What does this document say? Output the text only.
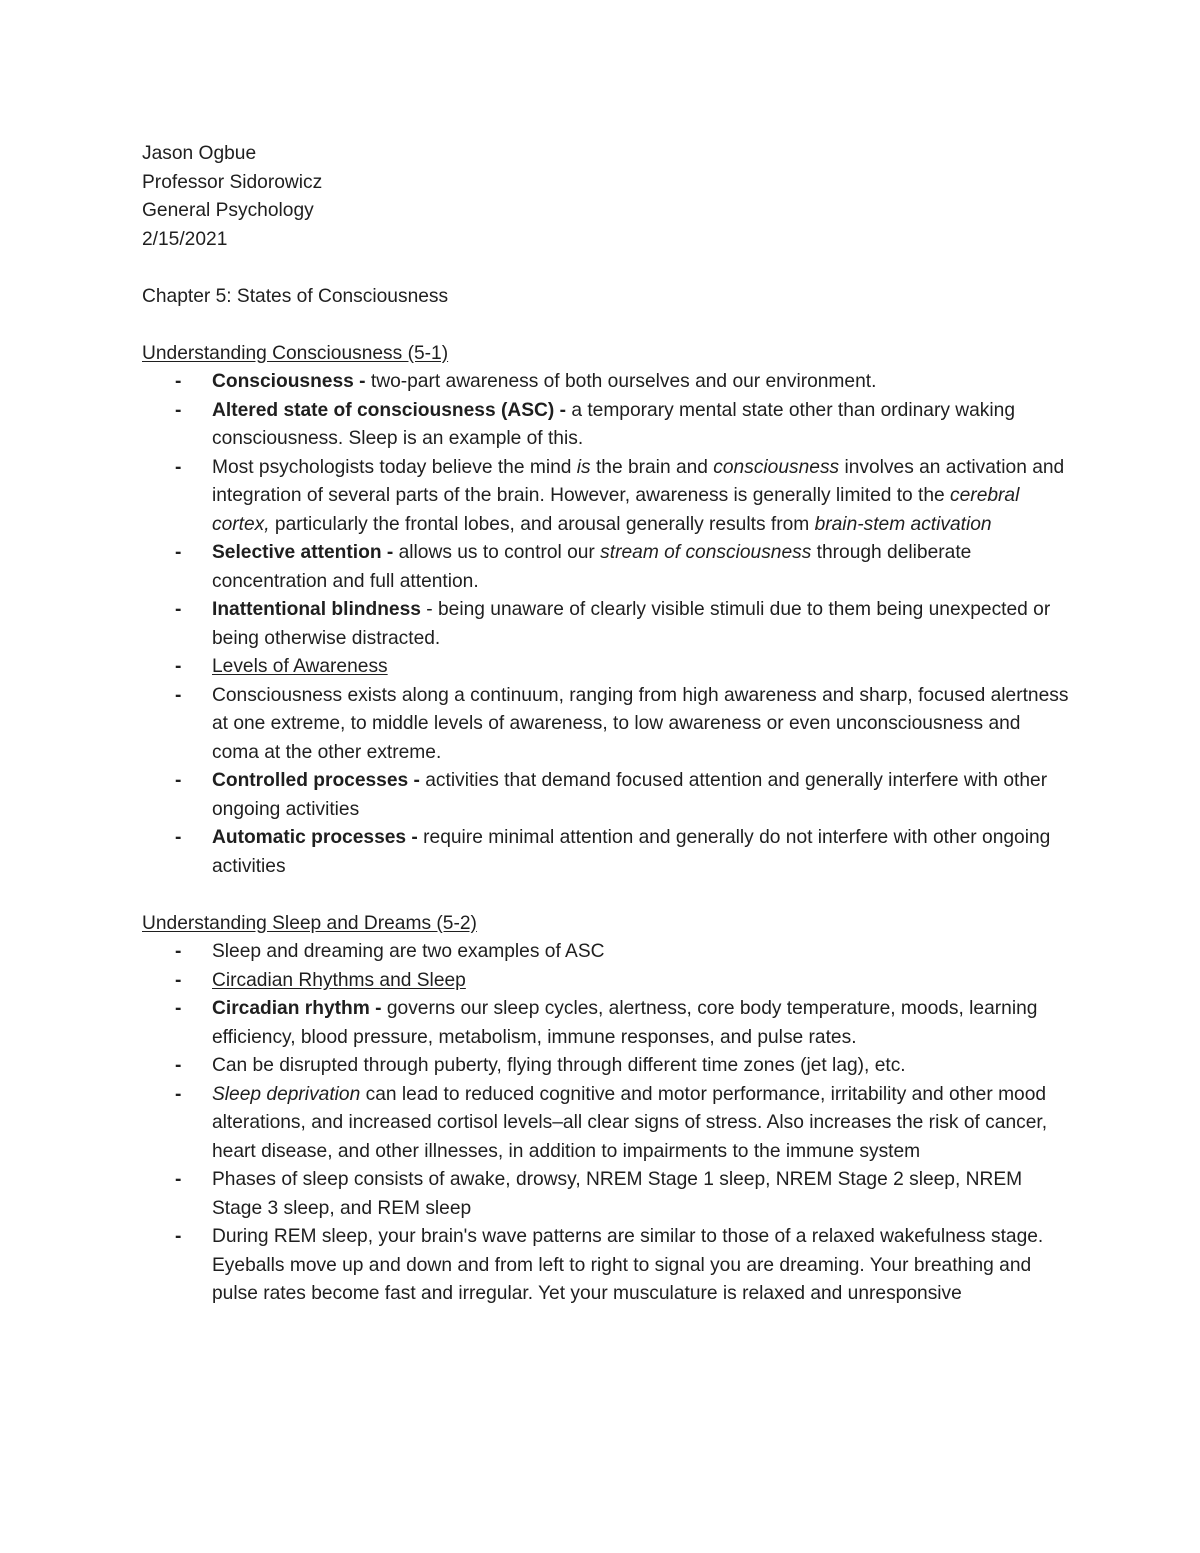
Jason Ogbue

Professor Sidorowicz

General Psychology

2/15/2021

Chapter 5: States of Consciousness

Understanding Consciousness (5-1)

- Consciousness - two-part awareness of both ourselves and our environment.
- Altered state of consciousness (ASC) - a temporary mental state other than ordinary waking consciousness. Sleep is an example of this.
- Most psychologists today believe the mind is the brain and consciousness involves an activation and integration of several parts of the brain. However, awareness is generally limited to the cerebral cortex, particularly the frontal lobes, and arousal generally results from brain-stem activation
- Selective attention - allows us to control our stream of consciousness through deliberate concentration and full attention.
- Inattentional blindness - being unaware of clearly visible stimuli due to them being unexpected or being otherwise distracted.
- Levels of Awareness
- Consciousness exists along a continuum, ranging from high awareness and sharp, focused alertness at one extreme, to middle levels of awareness, to low awareness or even unconsciousness and coma at the other extreme.
- Controlled processes - activities that demand focused attention and generally interfere with other ongoing activities
- Automatic processes - require minimal attention and generally do not interfere with other ongoing activities

Understanding Sleep and Dreams (5-2)

- Sleep and dreaming are two examples of ASC
- Circadian Rhythms and Sleep
- Circadian rhythm - governs our sleep cycles, alertness, core body temperature, moods, learning efficiency, blood pressure, metabolism, immune responses, and pulse rates.
- Can be disrupted through puberty, flying through different time zones (jet lag), etc.
- Sleep deprivation can lead to reduced cognitive and motor performance, irritability and other mood alterations, and increased cortisol levels–all clear signs of stress. Also increases the risk of cancer, heart disease, and other illnesses, in addition to impairments to the immune system
- Phases of sleep consists of awake, drowsy, NREM Stage 1 sleep, NREM Stage 2 sleep, NREM Stage 3 sleep, and REM sleep
- During REM sleep, your brain's wave patterns are similar to those of a relaxed wakefulness stage. Eyeballs move up and down and from left to right to signal you are dreaming. Your breathing and pulse rates become fast and irregular. Yet your musculature is relaxed and unresponsive
